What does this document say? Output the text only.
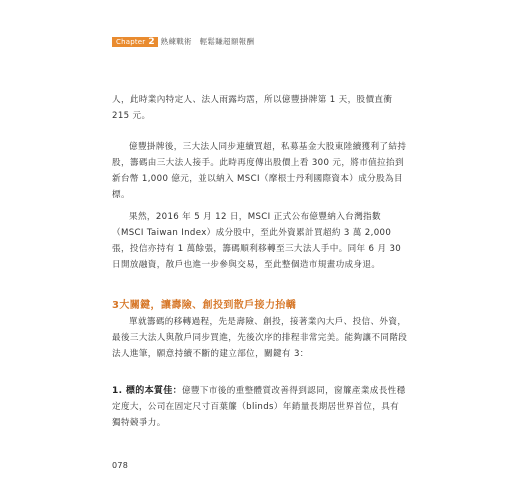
Chapter 2 熟練戰術　輕鬆賺超額報酬

人，此時業內特定人、法人雨露均霑，所以億豐掛牌第 1 天，股價直衝 215 元。

億豐掛牌後，三大法人同步連續買超，私募基金大股東陸續獲利了結持股，籌碼由三大法人接手。此時再度傳出股價上看 300 元，將市值拉抬到新台幣 1,000 億元，並以納入 MSCI（摩根士丹利國際資本）成分股為目標。

果然，2016 年 5 月 12 日，MSCI 正式公布億豐納入台灣指數（MSCI Taiwan Index）成分股中，至此外資累計買超約 3 萬 2,000 張，投信亦持有 1 萬餘張，籌碼順利移轉至三大法人手中。同年 6 月 30 日開放融資，散戶也進一步參與交易，至此整個造市規畫功成身退。

3大關鍵，讓壽險、創投到散戶接力抬轎

單就籌碼的移轉過程，先是壽險、創投，接著業內大戶、投信、外資，最後三大法人與散戶同步買進，先後次序的排程非常完美。能夠讓不同階段法人進筆，願意持續不斷的建立部位，關鍵有 3：

1. 標的本質佳：億豐下市後的重整體質改善得到認同，窗簾產業成長性穩定度大，公司在固定尺寸百葉簾（blinds）年銷量長期居世界首位，具有獨特競爭力。
078
